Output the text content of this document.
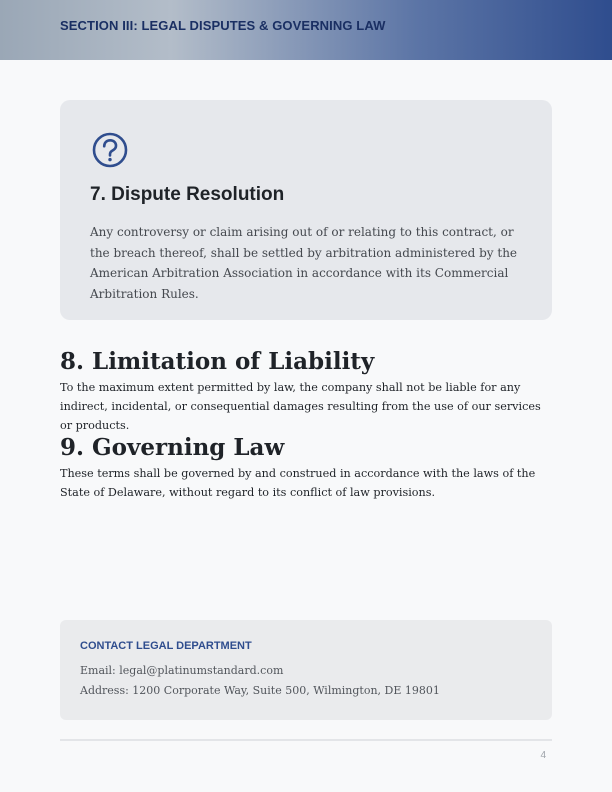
SECTION III: LEGAL DISPUTES & GOVERNING LAW
7. Dispute Resolution
Any controversy or claim arising out of or relating to this contract, or the breach thereof, shall be settled by arbitration administered by the American Arbitration Association in accordance with its Commercial Arbitration Rules.
8. Limitation of Liability
To the maximum extent permitted by law, the company shall not be liable for any indirect, incidental, or consequential damages resulting from the use of our services or products.
9. Governing Law
These terms shall be governed by and construed in accordance with the laws of the State of Delaware, without regard to its conflict of law provisions.
CONTACT LEGAL DEPARTMENT
Email: legal@platinumstandard.com
Address: 1200 Corporate Way, Suite 500, Wilmington, DE 19801
4
